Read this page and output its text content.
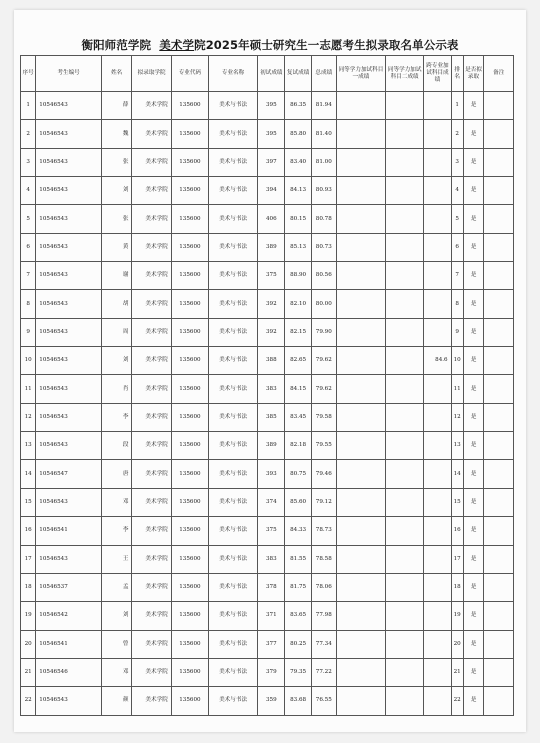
衡阳师范学院 美术学院2025年硕士研究生一志愿考生拟录取名单公示表
序号	考生编号	姓名	拟录取学院	专业代码	专业名称	初试成绩	复试成绩	总成绩	同等学力加试科目一成绩	同等学力加试科目二成绩	跨专业加试科目成绩	排名	是否拟录取	备注
1	10546543	薛	美术学院	135600	美术与书法	395	86.35	81.94				1	是	
2	10546543	魏	美术学院	135600	美术与书法	395	85.80	81.40				2	是	
3	10546543	张	美术学院	135600	美术与书法	397	83.40	81.00				3	是	
4	10546543	刘	美术学院	135600	美术与书法	394	84.13	80.93				4	是	
5	10546543	张	美术学院	135600	美术与书法	406	80.15	80.78				5	是	
6	10546543	黄	美术学院	135600	美术与书法	389	85.13	80.73				6	是	
7	10546543	谢	美术学院	135600	美术与书法	375	88.90	80.56				7	是	
8	10546543	胡	美术学院	135600	美术与书法	392	82.10	80.00				8	是	
9	10546543	周	美术学院	135600	美术与书法	392	82.15	79.90				9	是	
10	10546543	刘	美术学院	135600	美术与书法	388	82.65	79.62			84.6	10	是	
11	10546543	肖	美术学院	135600	美术与书法	383	84.15	79.62				11	是	
12	10546543	李	美术学院	135600	美术与书法	385	83.45	79.58				12	是	
13	10546543	段	美术学院	135600	美术与书法	389	82.18	79.55				13	是	
14	10546547	唐	美术学院	135600	美术与书法	393	80.75	79.46				14	是	
15	10546543	邓	美术学院	135600	美术与书法	374	85.60	79.12				15	是	
16	10546541	李	美术学院	135600	美术与书法	375	84.33	78.73				16	是	
17	10546543	王	美术学院	135600	美术与书法	383	81.55	78.58				17	是	
18	10546537	孟	美术学院	135600	美术与书法	378	81.75	78.06				18	是	
19	10546542	刘	美术学院	135600	美术与书法	371	83.65	77.98				19	是	
20	10546541	曾	美术学院	135600	美术与书法	377	80.25	77.34				20	是	
21	10546546	邓	美术学院	135600	美术与书法	379	79.35	77.22				21	是	
22	10546543	颜	美术学院	135600	美术与书法	359	83.68	76.55				22	是	
